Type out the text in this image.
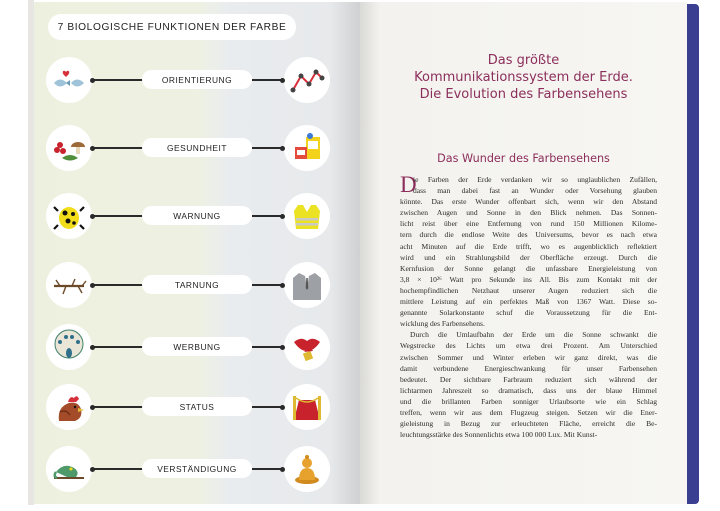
7 BIOLOGISCHE FUNKTIONEN DER FARBE
ORIENTIERUNG
GESUNDHEIT
WARNUNG
TARNUNG
WERBUNG
STATUS
VERSTÄNDIGUNG
Das größte
Kommunikationssystem der Erde.
Die Evolution des Farbensehens
Das Wunder des Farbensehens
D
ie Farben der Erde verdanken wir so unglaublichen Zufällen,
dass man dabei fast an Wunder oder Vorsehung glauben
könnte. Das erste Wunder offenbart sich, wenn wir den Abstand
zwischen Augen und Sonne in den Blick nehmen. Das Sonnen-
licht reist über eine Entfernung von rund 150 Millionen Kilome-
tern durch die endlose Weite des Universums, bevor es nach etwa
acht Minuten auf die Erde trifft, wo es augenblicklich reflektiert
wird und ein Strahlungsbild der Oberfläche erzeugt. Durch die
Kernfusion der Sonne gelangt die unfassbare Energieleistung von
3,8 × 10²⁶ Watt pro Sekunde ins All. Bis zum Kontakt mit der
hochempfindlichen Netzhaut unserer Augen reduziert sich die
mittlere Leistung auf ein perfektes Maß von 1367 Watt. Diese so-
genannte Solarkonstante schuf die Voraussetzung für die Ent-
wicklung des Farbensehens.
Durch die Umlaufbahn der Erde um die Sonne schwankt die
Wegstrecke des Lichts um etwa drei Prozent. Am Unterschied
zwischen Sommer und Winter erleben wir ganz direkt, was die
damit verbundene Energieschwankung für unser Farbensehen
bedeutet. Der sichtbare Farbraum reduziert sich während der
lichtarmen Jahreszeit so dramatisch, dass uns der blaue Himmel
und die brillanten Farben sonniger Urlaubsorte wie ein Schlag
treffen, wenn wir aus dem Flugzeug steigen. Setzen wir die Ener-
gieleistung in Bezug zur erleuchteten Fläche, erreicht die Be-
leuchtungsstärke des Sonnenlichts etwa 100 000 Lux. Mit Kunst-
